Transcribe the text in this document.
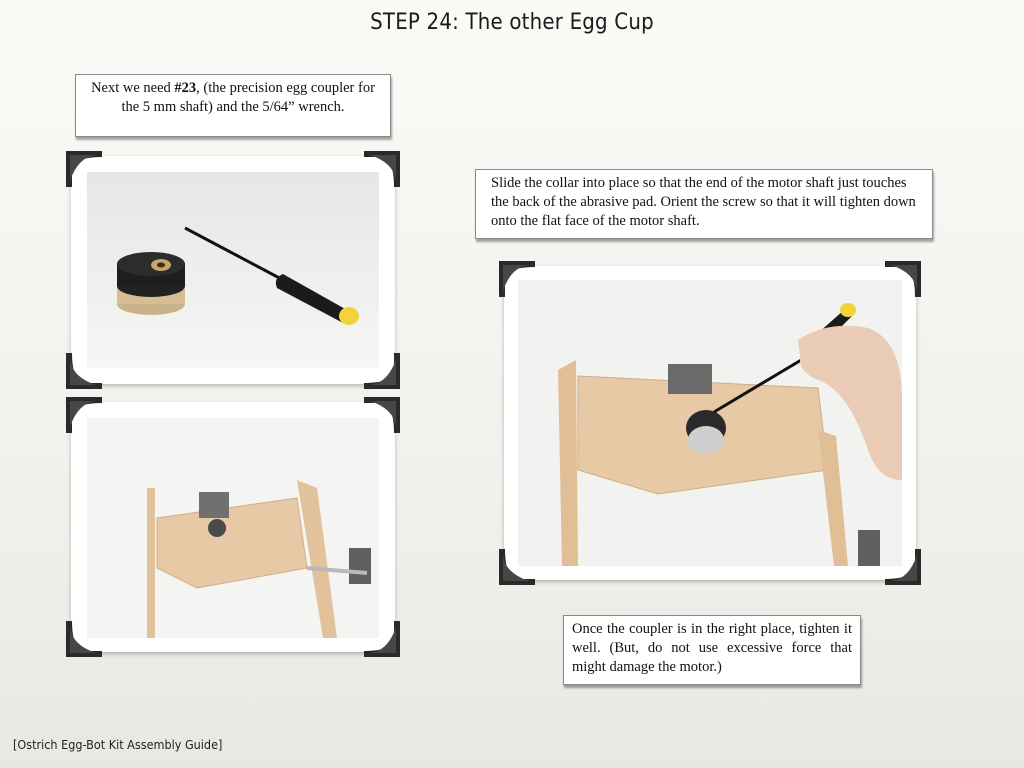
STEP 24: The other Egg Cup
Next we need #23, (the precision egg coupler for the 5 mm shaft) and the 5/64” wrench.
Slide the collar into place so that the end of the motor shaft just touches the back of the abrasive pad. Orient the screw so that it will tighten down onto the flat face of the motor shaft.
Once the coupler is in the right place, tighten it well. (But, do not use excessive force that might damage the motor.)
[Ostrich Egg-Bot Kit Assembly Guide]
